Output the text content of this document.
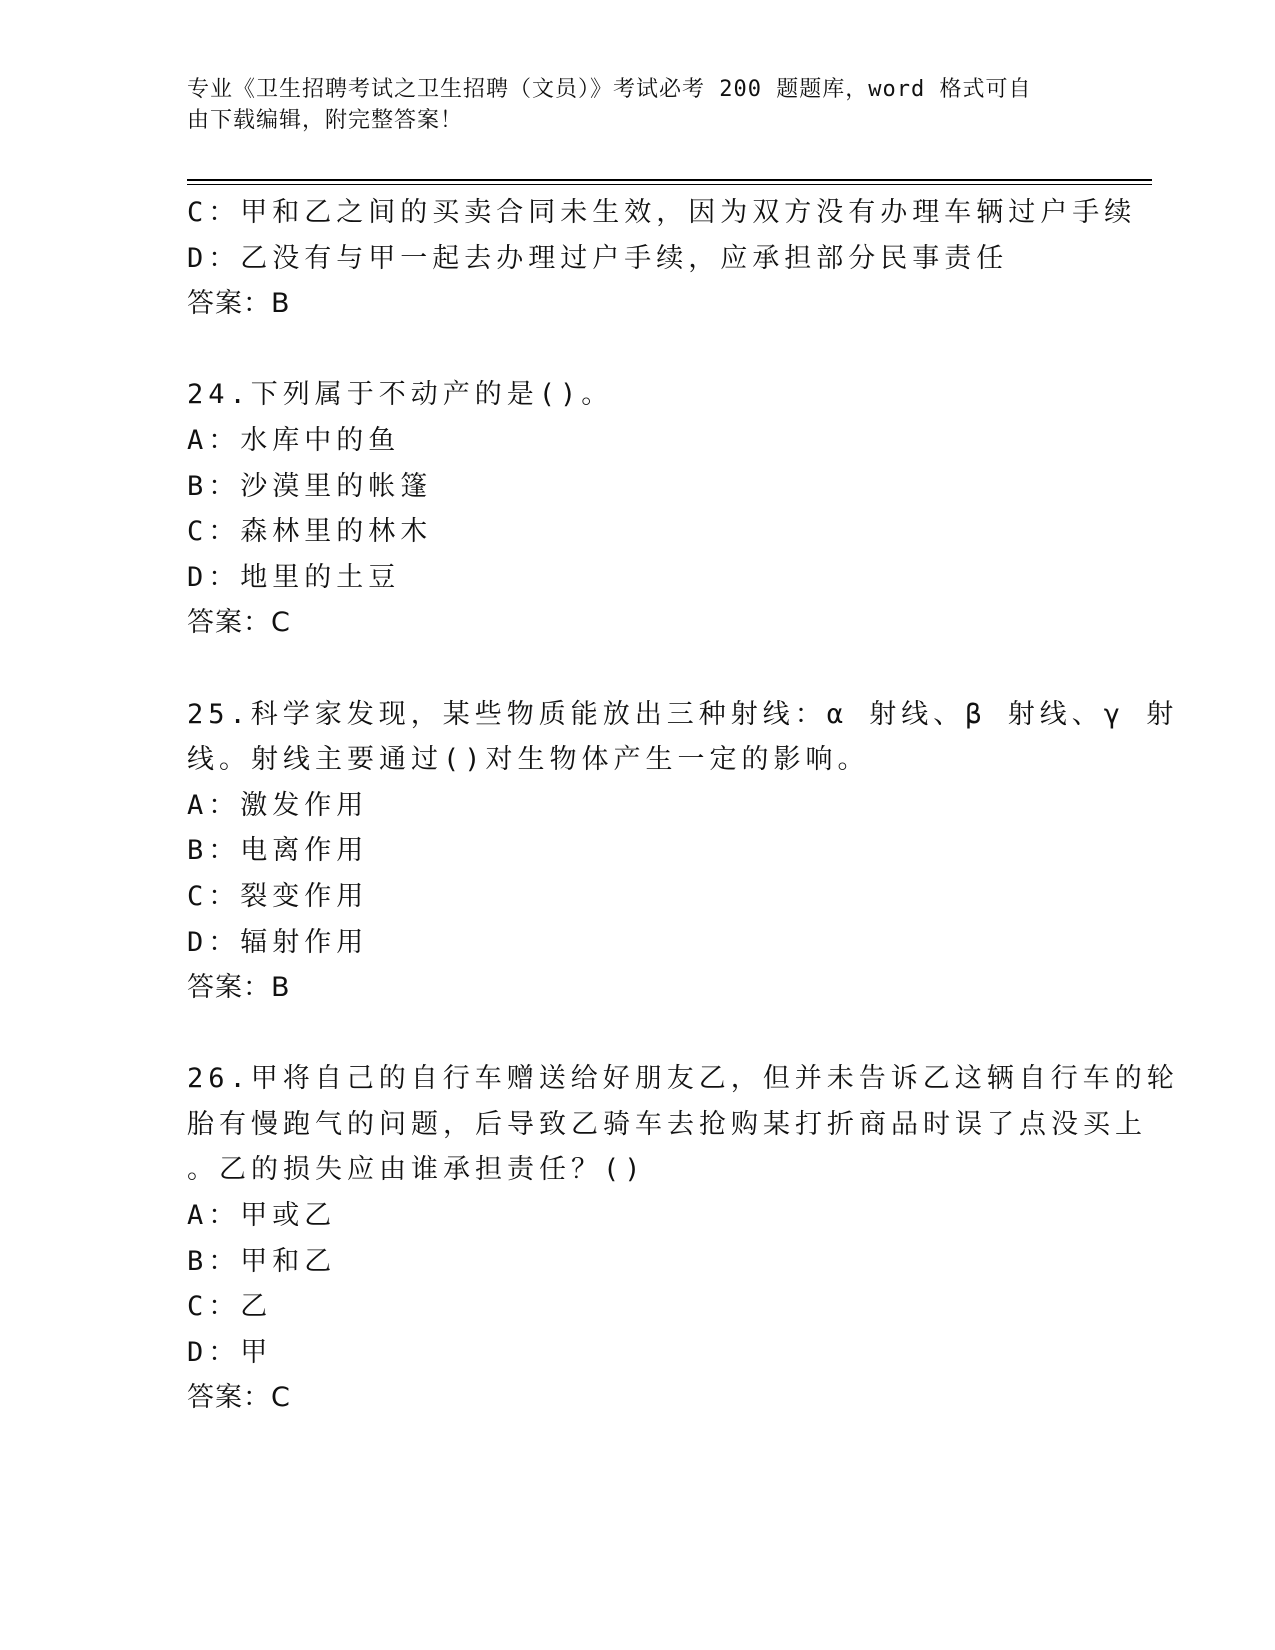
专业《卫生招聘考试之卫生招聘（文员）》考试必考 200 题题库，word 格式可自
由下载编辑，附完整答案！
C：甲和乙之间的买卖合同未生效，因为双方没有办理车辆过户手续
D：乙没有与甲一起去办理过户手续，应承担部分民事责任
答案：B
24.下列属于不动产的是()。
A：水库中的鱼
B：沙漠里的帐篷
C：森林里的林木
D：地里的土豆
答案：C
25.科学家发现，某些物质能放出三种射线：α 射线、β 射线、γ 射
线。射线主要通过()对生物体产生一定的影响。
A：激发作用
B：电离作用
C：裂变作用
D：辐射作用
答案：B
26.甲将自己的自行车赠送给好朋友乙，但并未告诉乙这辆自行车的轮
胎有慢跑气的问题，后导致乙骑车去抢购某打折商品时误了点没买上
。乙的损失应由谁承担责任？()
A：甲或乙
B：甲和乙
C：乙
D：甲
答案：C
